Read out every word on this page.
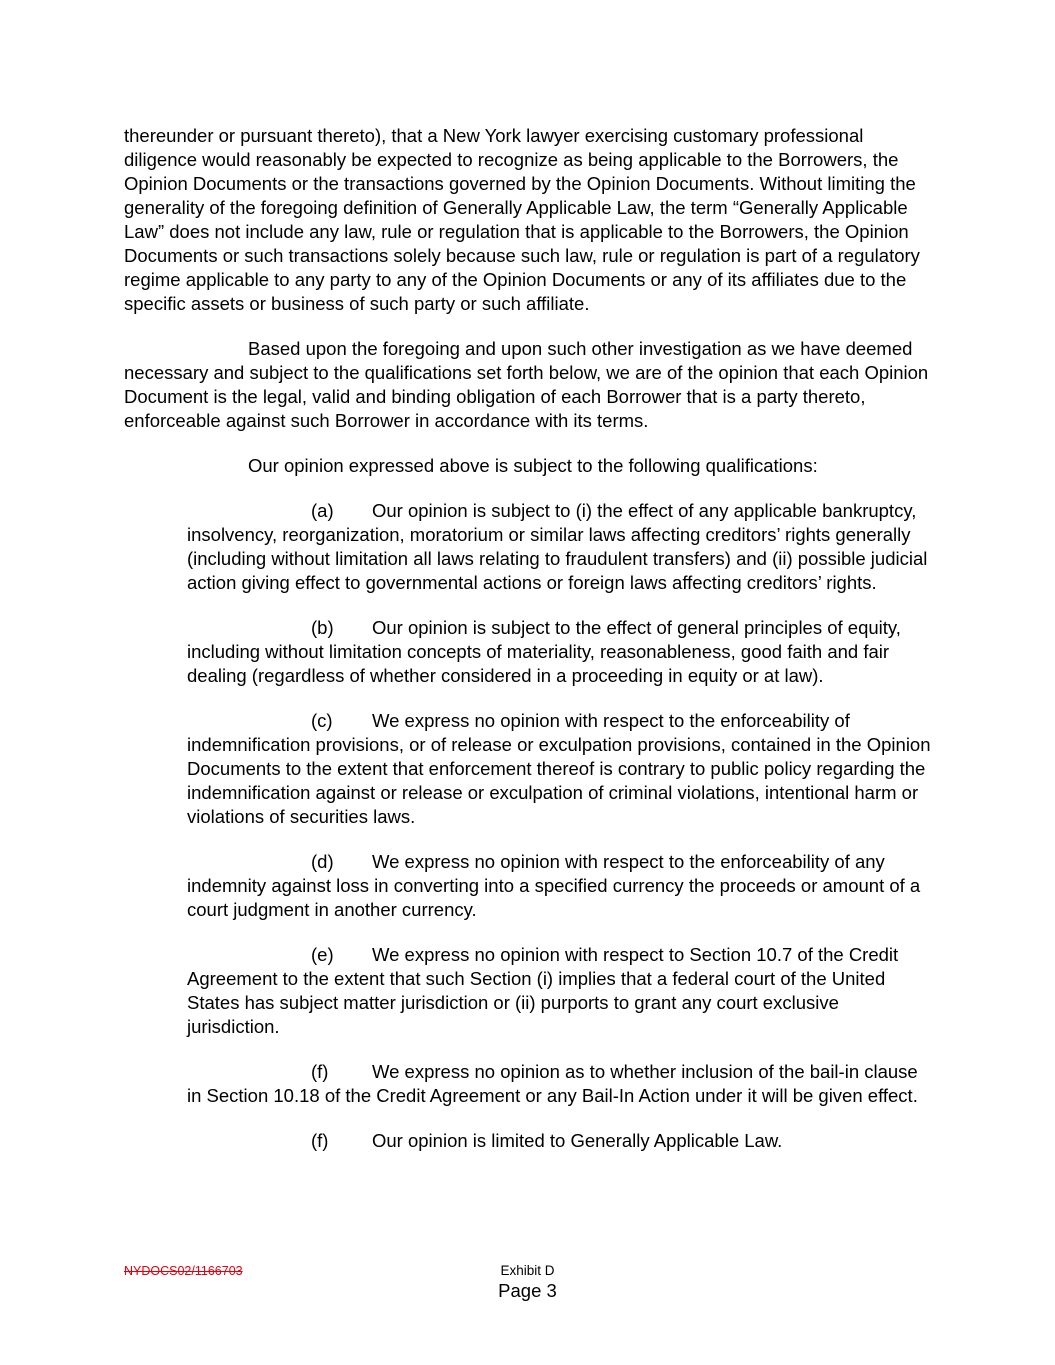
thereunder or pursuant thereto), that a New York lawyer exercising customary professional diligence would reasonably be expected to recognize as being applicable to the Borrowers, the Opinion Documents or the transactions governed by the Opinion Documents. Without limiting the generality of the foregoing definition of Generally Applicable Law, the term “Generally Applicable Law” does not include any law, rule or regulation that is applicable to the Borrowers, the Opinion Documents or such transactions solely because such law, rule or regulation is part of a regulatory regime applicable to any party to any of the Opinion Documents or any of its affiliates due to the specific assets or business of such party or such affiliate.

Based upon the foregoing and upon such other investigation as we have deemed necessary and subject to the qualifications set forth below, we are of the opinion that each Opinion Document is the legal, valid and binding obligation of each Borrower that is a party thereto, enforceable against such Borrower in accordance with its terms.

Our opinion expressed above is subject to the following qualifications:

(a) Our opinion is subject to (i) the effect of any applicable bankruptcy, insolvency, reorganization, moratorium or similar laws affecting creditors’ rights generally (including without limitation all laws relating to fraudulent transfers) and (ii) possible judicial action giving effect to governmental actions or foreign laws affecting creditors’ rights.

(b) Our opinion is subject to the effect of general principles of equity, including without limitation concepts of materiality, reasonableness, good faith and fair dealing (regardless of whether considered in a proceeding in equity or at law).

(c) We express no opinion with respect to the enforceability of indemnification provisions, or of release or exculpation provisions, contained in the Opinion Documents to the extent that enforcement thereof is contrary to public policy regarding the indemnification against or release or exculpation of criminal violations, intentional harm or violations of securities laws.

(d) We express no opinion with respect to the enforceability of any indemnity against loss in converting into a specified currency the proceeds or amount of a court judgment in another currency.

(e) We express no opinion with respect to Section 10.7 of the Credit Agreement to the extent that such Section (i) implies that a federal court of the United States has subject matter jurisdiction or (ii) purports to grant any court exclusive jurisdiction.

(f) We express no opinion as to whether inclusion of the bail-in clause in Section 10.18 of the Credit Agreement or any Bail-In Action under it will be given effect.

(f) Our opinion is limited to Generally Applicable Law.

NYDOCS02/1166703	Exhibit D
Page 3
